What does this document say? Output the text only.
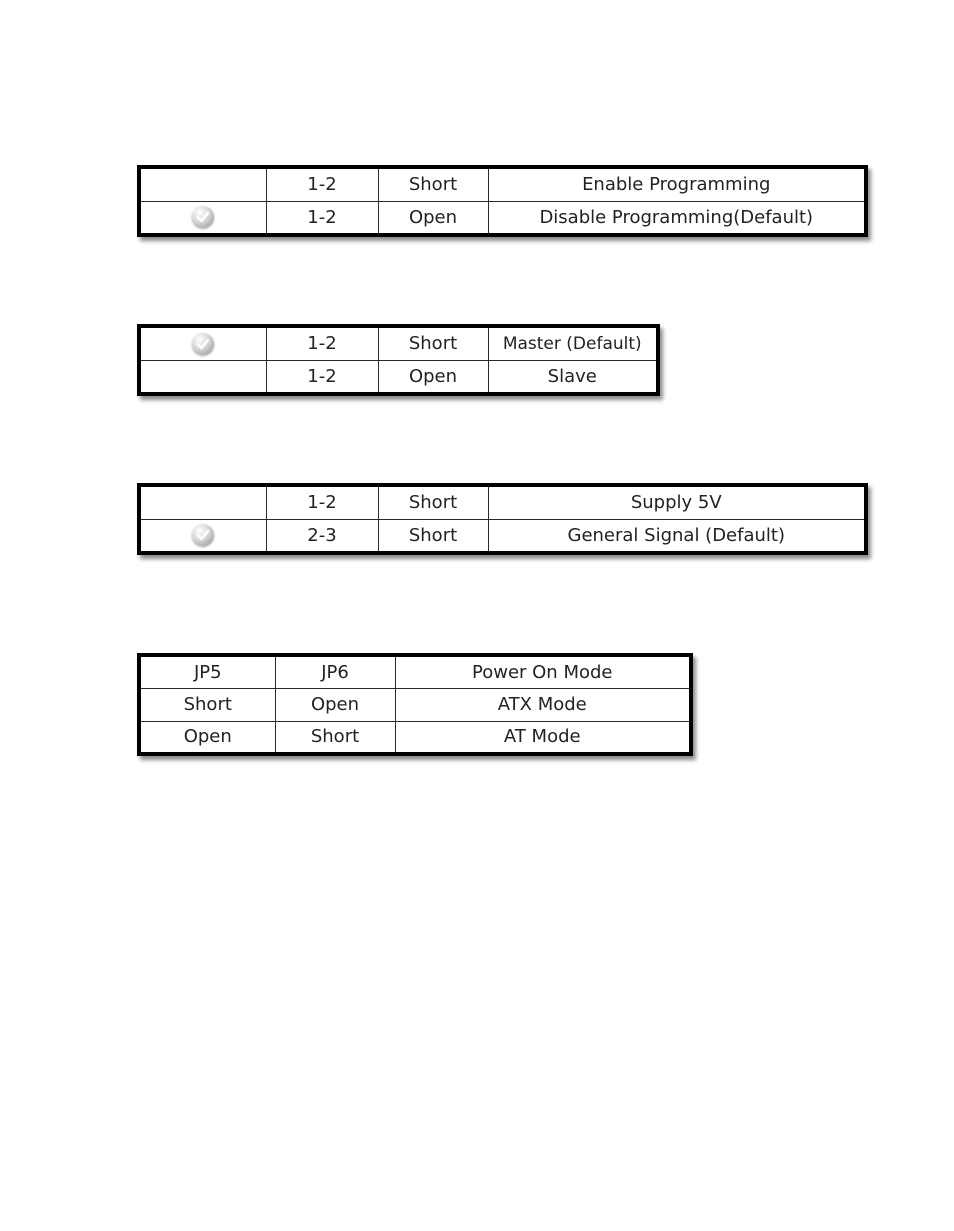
	1-2	Short	Enable Programming

	1-2	Open	Disable Programming(Default)
	1-2	Short	Master (Default)
	1-2	Open	Slave
	1-2	Short	Supply 5V

	2-3	Short	General Signal (Default)
JP5	JP6	Power On Mode
Short	Open	ATX Mode
Open	Short	AT Mode
